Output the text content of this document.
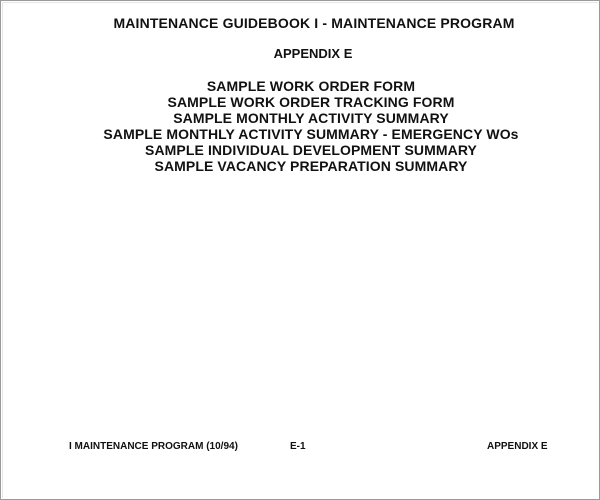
MAINTENANCE GUIDEBOOK I - MAINTENANCE PROGRAM
APPENDIX E
SAMPLE WORK ORDER FORM
SAMPLE WORK ORDER TRACKING FORM
SAMPLE MONTHLY ACTIVITY SUMMARY
SAMPLE MONTHLY ACTIVITY SUMMARY - EMERGENCY WOs
SAMPLE INDIVIDUAL DEVELOPMENT SUMMARY
SAMPLE VACANCY PREPARATION SUMMARY
I MAINTENANCE PROGRAM (10/94)	E-1	APPENDIX E
